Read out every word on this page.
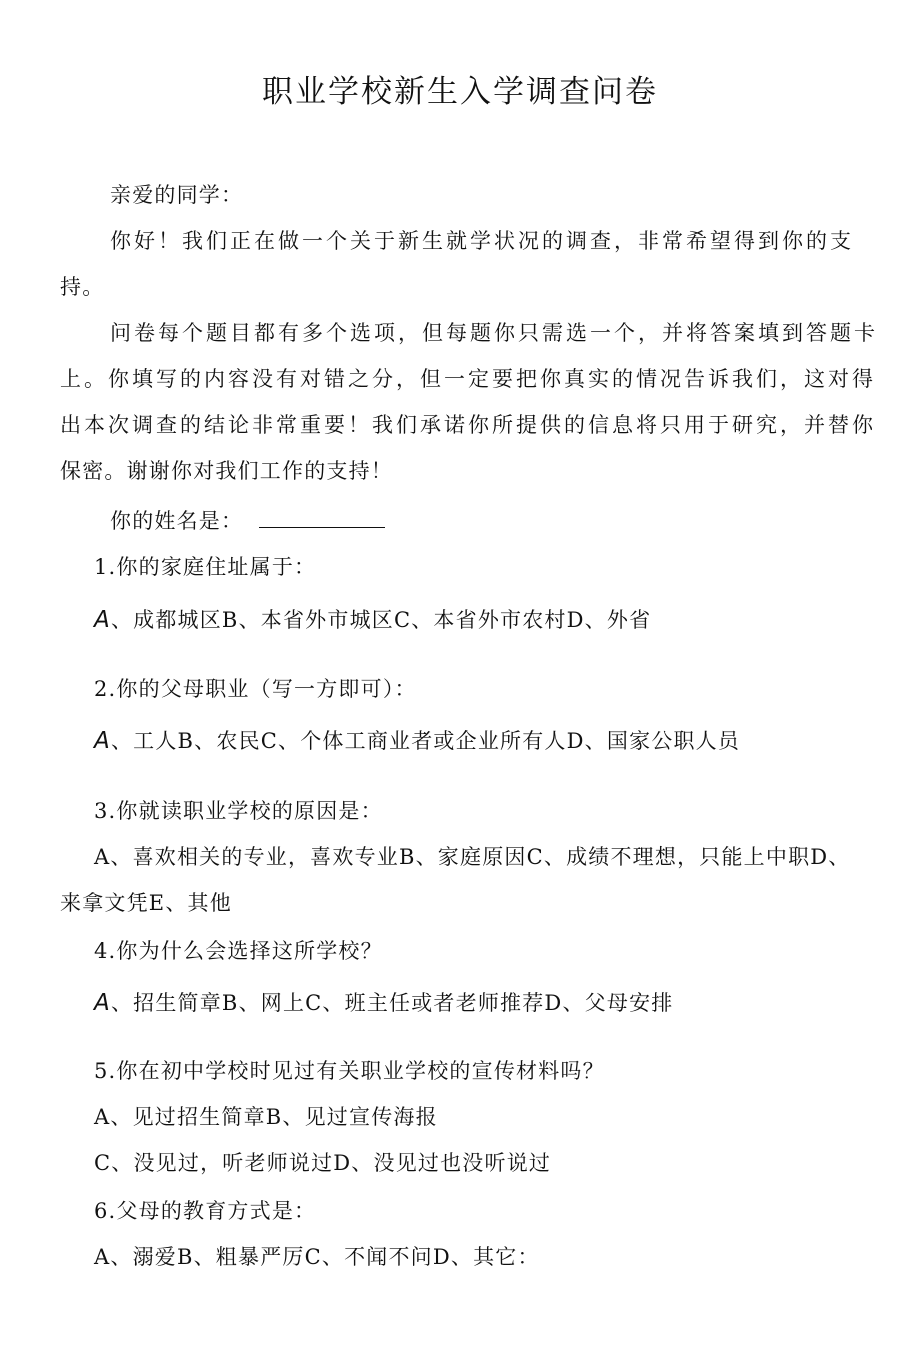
职业学校新生入学调查问卷
亲爱的同学：
你好！我们正在做一个关于新生就学状况的调查，非常希望得到你的支
持。
问卷每个题目都有多个选项，但每题你只需选一个，并将答案填到答题卡
上。你填写的内容没有对错之分，但一定要把你真实的情况告诉我们，这对得
出本次调查的结论非常重要！我们承诺你所提供的信息将只用于研究，并替你
保密。谢谢你对我们工作的支持！
你的姓名是：
1.你的家庭住址属于：
A、成都城区B、本省外市城区C、本省外市农村D、外省
2.你的父母职业（写一方即可）：
A、工人B、农民C、个体工商业者或企业所有人D、国家公职人员
3.你就读职业学校的原因是：
A、喜欢相关的专业，喜欢专业B、家庭原因C、成绩不理想，只能上中职D、
来拿文凭E、其他
4.你为什么会选择这所学校？
A、招生简章B、网上C、班主任或者老师推荐D、父母安排
5.你在初中学校时见过有关职业学校的宣传材料吗？
A、见过招生简章B、见过宣传海报
C、没见过，听老师说过D、没见过也没听说过
6.父母的教育方式是：
A、溺爱B、粗暴严厉C、不闻不问D、其它：
